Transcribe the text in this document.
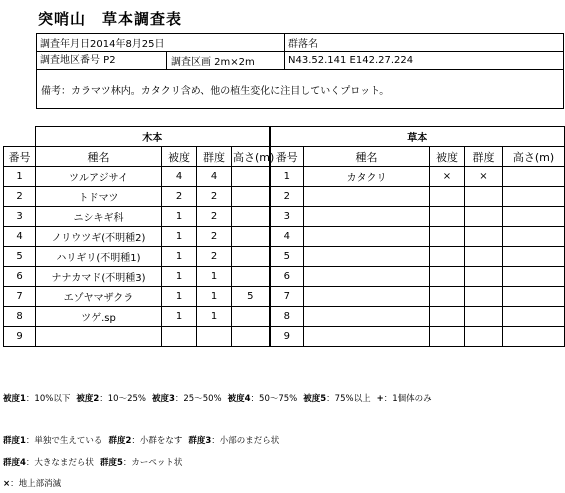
突哨山　草本調査表
調査年月日2014年8月25日	群落名

調査地区番号 P2 調査区画 2m×2m	N43.52.141 E142.27.224
備考：カラマツ林内。カタクリ含め、他の植生変化に注目していくプロット。	
	木本				草本				
番号	種名	被度	群度	高さ(m)	番号	種名	被度	群度	高さ(m)
1	ツルアジサイ	4	4		1	カタクリ	×	×	
2	トドマツ	2	2		2				
3	ニシキギ科	1	2		3				
4	ノリウツギ(不明種2)	1	2		4				
5	ハリギリ(不明種1)	1	2		5				
6	ナナカマド(不明種3)	1	1		6				
7	エゾヤマザクラ	1	1	5	7				
8	ツゲ.sp	1	1		8				
9					9				
被度1：10%以下 被度2：10～25% 被度3：25～50% 被度4：50～75% 被度5：75%以上 +：1個体のみ
群度1：単独で生えている 群度2：小群をなす 群度3：小部のまだら状
群度4：大きなまだら状 群度5：カーペット状
×：地上部消滅
